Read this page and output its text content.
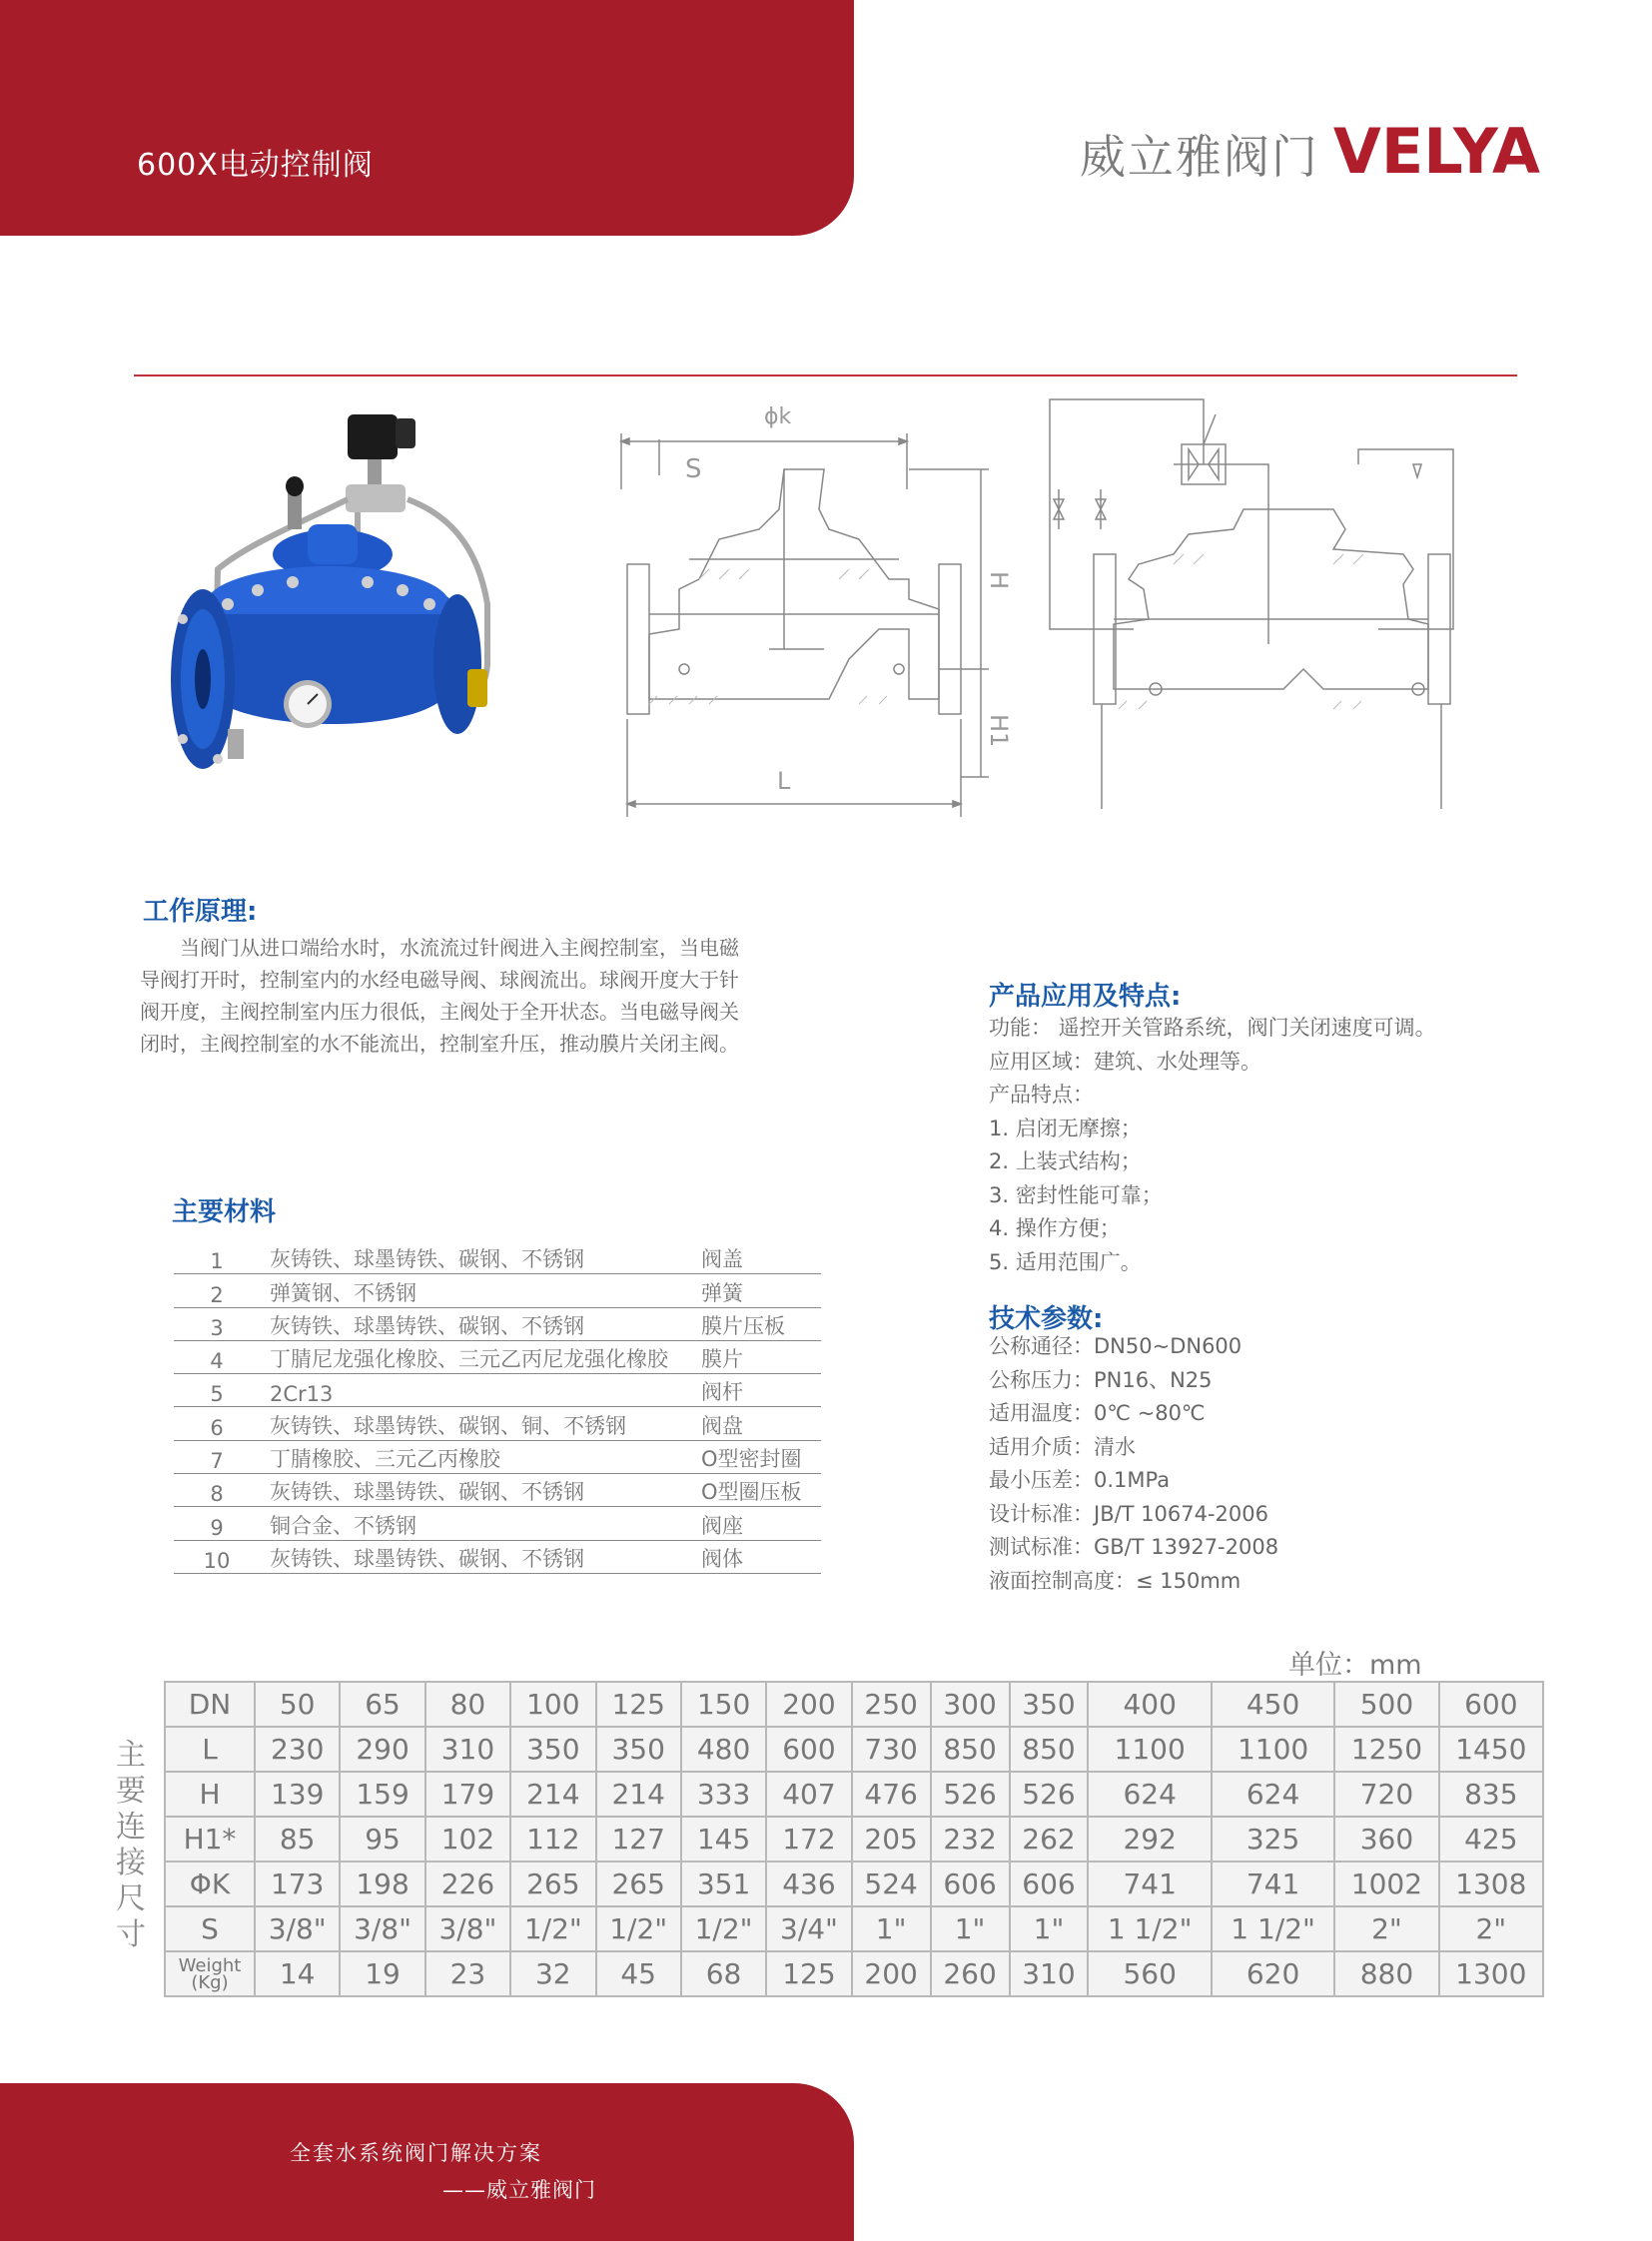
600X电动控制阀	威立雅阀门 VELYA
ϕk
S
H
H1
L
工作原理:
当阀门从进口端给水时，水流流过针阀进入主阀控制室，当电磁
导阀打开时，控制室内的水经电磁导阀、球阀流出。球阀开度大于针
阀开度，主阀控制室内压力很低，主阀处于全开状态。当电磁导阀关
闭时，主阀控制室的水不能流出，控制室升压，推动膜片关闭主阀。
产品应用及特点:
功能： 遥控开关管路系统，阀门关闭速度可调。
应用区域：建筑、水处理等。
产品特点：
1. 启闭无摩擦；
2. 上装式结构；
3. 密封性能可靠；
4. 操作方便；
5. 适用范围广。
技术参数:
公称通径：DN50~DN600
公称压力：PN16、N25
适用温度：0℃ ~80℃
适用介质：清水
最小压差：0.1MPa
设计标准：JB/T 10674-2006
测试标准：GB/T 13927-2008
液面控制高度：≤ 150mm
主要材料
1	灰铸铁、球墨铸铁、碳钢、不锈钢	阀盖
2	弹簧钢、不锈钢	弹簧
3	灰铸铁、球墨铸铁、碳钢、不锈钢	膜片压板
4	丁腈尼龙强化橡胶、三元乙丙尼龙强化橡胶	膜片
5	2Cr13	阀杆
6	灰铸铁、球墨铸铁、碳钢、铜、不锈钢	阀盘
7	丁腈橡胶、三元乙丙橡胶	O型密封圈
8	灰铸铁、球墨铸铁、碳钢、不锈钢	O型圈压板
9	铜合金、不锈钢	阀座
10	灰铸铁、球墨铸铁、碳钢、不锈钢	阀体
单位：mm
主要连接尺寸
DN	50	65	80	100	125	150	200	250	300	350	400	450	500	600
L	230	290	310	350	350	480	600	730	850	850	1100	1100	1250	1450
H	139	159	179	214	214	333	407	476	526	526	624	624	720	835
H1*	85	95	102	112	127	145	172	205	232	262	292	325	360	425
ΦK	173	198	226	265	265	351	436	524	606	606	741	741	1002	1308
S	3/8"	3/8"	3/8"	1/2"	1/2"	1/2"	3/4"	1"	1"	1"	1 1/2"	1 1/2"	2"	2"

Weight
(Kg)	14	19	23	32	45	68	125	200	260	310	560	620	880	1300
全套水系统阀门解决方案
——威立雅阀门
